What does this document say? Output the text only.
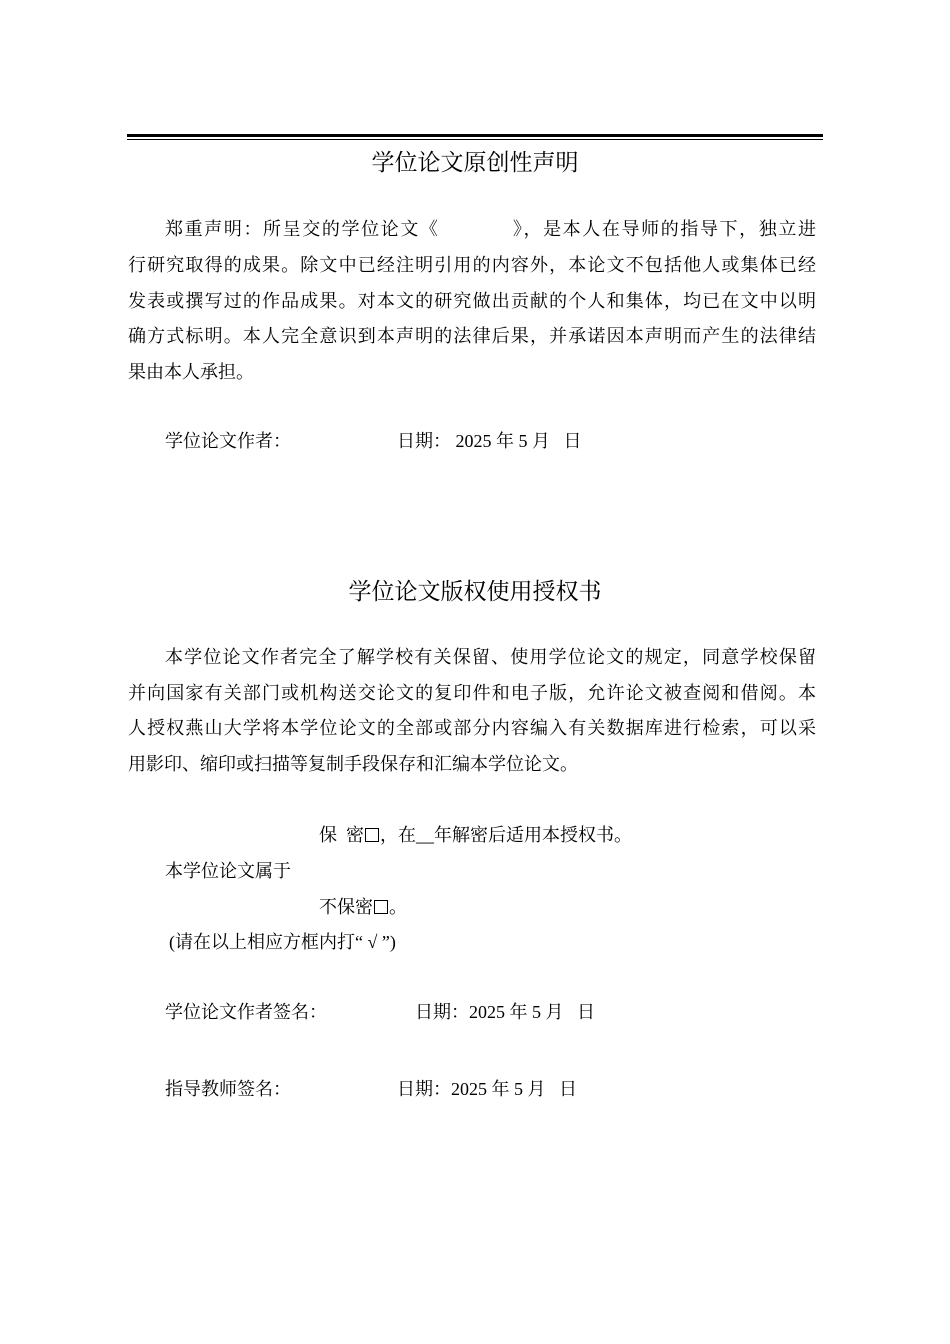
学位论文原创性声明
郑重声明：所呈交的学位论文《            》，是本人在导师的指导下，独立进
行研究取得的成果。除文中已经注明引用的内容外，本论文不包括他人或集体已经
发表或撰写过的作品成果。对本文的研究做出贡献的个人和集体，均已在文中以明
确方式标明。本人完全意识到本声明的法律后果，并承诺因本声明而产生的法律结
果由本人承担。
学位论文作者：	日期： 2025 年 5 月   日
学位论文版权使用授权书
本学位论文作者完全了解学校有关保留、使用学位论文的规定，同意学校保留
并向国家有关部门或机构送交论文的复印件和电子版，允许论文被查阅和借阅。本
人授权燕山大学将本学位论文的全部或部分内容编入有关数据库进行检索，可以采
用影印、缩印或扫描等复制手段保存和汇编本学位论文。
保  密 ，在__年解密后适用本授权书。
本学位论文属于
不保密 。
(请在以上相应方框内打“ √ ”)
学位论文作者签名：	日期：2025 年 5 月   日
指导教师签名：	日期：2025 年 5 月   日
